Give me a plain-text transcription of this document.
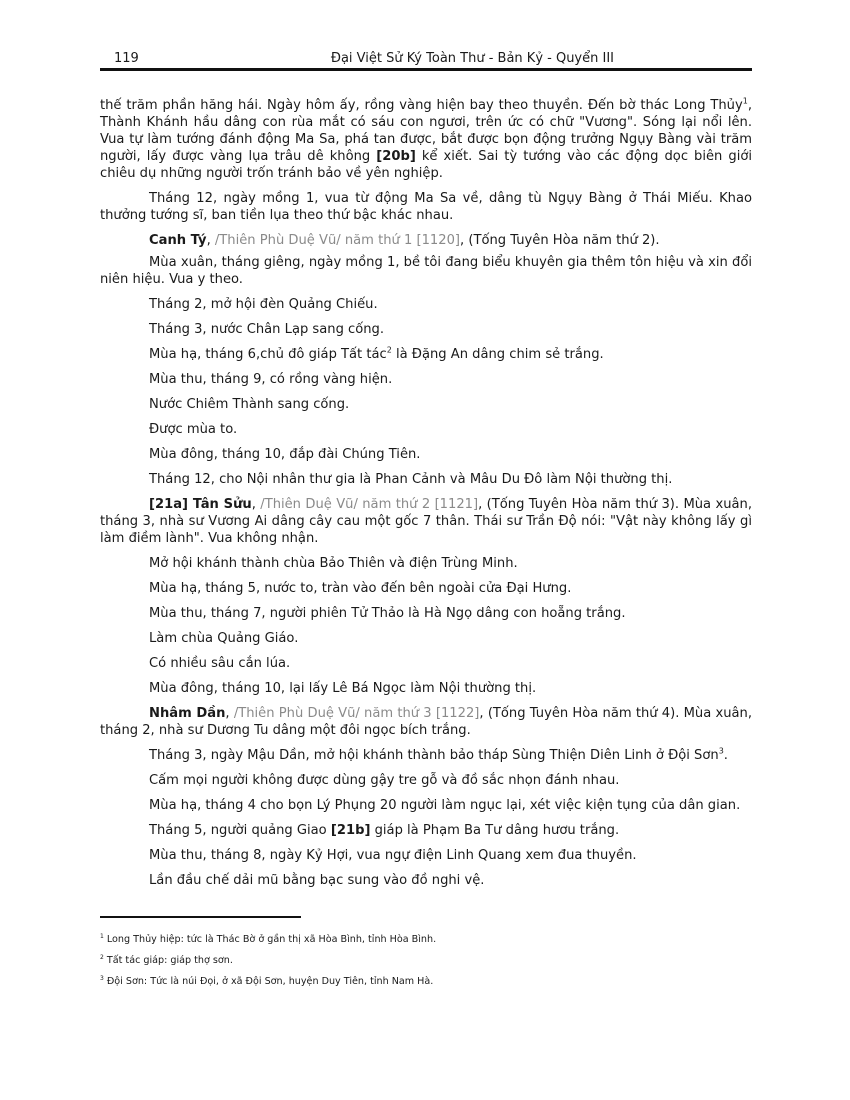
119	Đại Việt Sử Ký Toàn Thư - Bản Kỷ - Quyển III

thế trăm phần hăng hái. Ngày hôm ấy, rồng vàng hiện bay theo thuyền. Đến bờ thác Long Thủy$^1$, Thành Khánh hầu dâng con rùa mắt có sáu con ngươi, trên ức có chữ "Vương". Sóng lại nổi lên. Vua tự làm tướng đánh động Ma Sa, phá tan được, bắt được bọn động trưởng Ngụy Bàng vài trăm người, lấy được vàng lụa trâu dê không [20b] kể xiết. Sai tỳ tướng vào các động dọc biên giới chiêu dụ những người trốn tránh bảo về yên nghiệp.

Tháng 12, ngày mồng 1, vua từ động Ma Sa về, dâng tù Ngụy Bàng ở Thái Miếu. Khao thưởng tướng sĩ, ban tiền lụa theo thứ bậc khác nhau.

Canh Tý, /Thiên Phù Duệ Vũ/ năm thứ 1 [1120], (Tống Tuyên Hòa năm thứ 2).

Mùa xuân, tháng giêng, ngày mồng 1, bề tôi đang biểu khuyên gia thêm tôn hiệu và xin đổi niên hiệu. Vua y theo.

Tháng 2, mở hội đèn Quảng Chiếu.

Tháng 3, nước Chân Lạp sang cống.

Mùa hạ, tháng 6,chủ đô giáp Tất tác$^2$ là Đặng An dâng chim sẻ trắng.

Mùa thu, tháng 9, có rồng vàng hiện.

Nước Chiêm Thành sang cống.

Được mùa to.

Mùa đông, tháng 10, đắp đài Chúng Tiên.

Tháng 12, cho Nội nhân thư gia là Phan Cảnh và Mâu Du Đô làm Nội thường thị.

[21a] Tân Sửu, /Thiên Duệ Vũ/ năm thứ 2 [1121], (Tống Tuyên Hòa năm thứ 3). Mùa xuân, tháng 3, nhà sư Vương Ai dâng cây cau một gốc 7 thân. Thái sư Trần Độ nói: "Vật này không lấy gì làm điềm lành". Vua không nhận.

Mở hội khánh thành chùa Bảo Thiên và điện Trùng Minh.

Mùa hạ, tháng 5, nước to, tràn vào đến bên ngoài cửa Đại Hưng.

Mùa thu, tháng 7, người phiên Tử Thảo là Hà Ngọ dâng con hoẵng trắng.

Làm chùa Quảng Giáo.

Có nhiều sâu cắn lúa.

Mùa đông, tháng 10, lại lấy Lê Bá Ngọc làm Nội thường thị.

Nhâm Dần, /Thiên Phù Duệ Vũ/ năm thứ 3 [1122], (Tống Tuyên Hòa năm thứ 4). Mùa xuân, tháng 2, nhà sư Dương Tu dâng một đôi ngọc bích trắng.

Tháng 3, ngày Mậu Dần, mở hội khánh thành bảo tháp Sùng Thiện Diên Linh ở Đội Sơn$^3$.

Cấm mọi người không được dùng gậy tre gỗ và đồ sắc nhọn đánh nhau.

Mùa hạ, tháng 4 cho bọn Lý Phụng 20 người làm ngục lại, xét việc kiện tụng của dân gian.

Tháng 5, người quảng Giao [21b] giáp là Phạm Ba Tư dâng hươu trắng.

Mùa thu, tháng 8, ngày Kỷ Hợi, vua ngự điện Linh Quang xem đua thuyền.

Lần đầu chế dải mũ bằng bạc sung vào đồ nghi vệ.

$^1$ Long Thủy hiệp: tức là Thác Bờ ở gần thị xã Hòa Bình, tỉnh Hòa Bình.
$^2$ Tất tác giáp: giáp thợ sơn.
$^3$ Đội Sơn: Tức là núi Đọi, ở xã Đội Sơn, huyện Duy Tiên, tỉnh Nam Hà.
